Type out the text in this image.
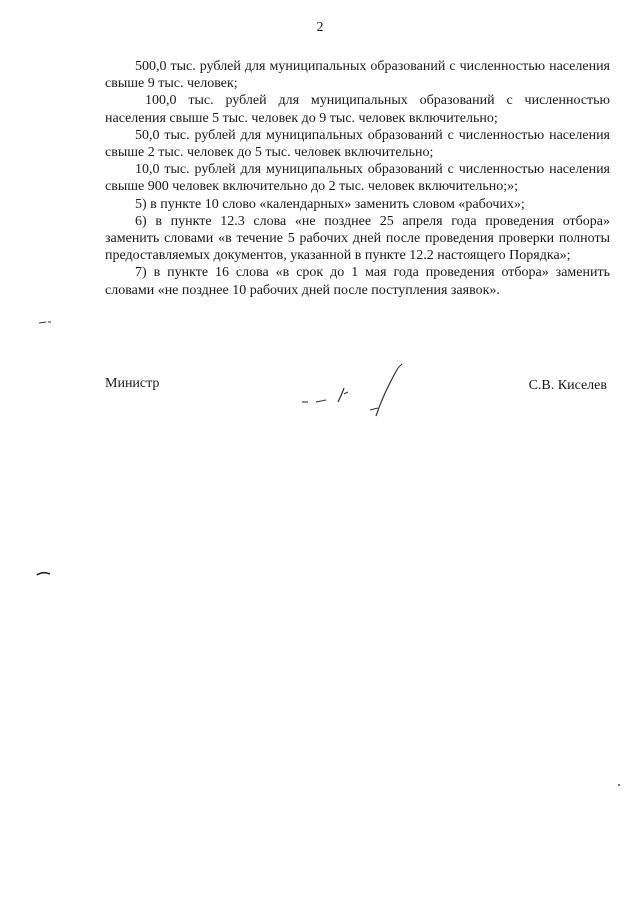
2

500,0 тыс. рублей для муниципальных образований с численностью населения свыше 9 тыс. человек;

100,0 тыс. рублей для муниципальных образований с численностью населения свыше 5 тыс. человек до 9 тыс. человек включительно;

50,0 тыс. рублей для муниципальных образований с численностью населения свыше 2 тыс. человек до 5 тыс. человек включительно;

10,0 тыс. рублей для муниципальных образований с численностью населения свыше 900 человек включительно до 2 тыс. человек включительно;»;

5) в пункте 10 слово «календарных» заменить словом «рабочих»;

6) в пункте 12.3 слова «не позднее 25 апреля года проведения отбора» заменить словами «в течение 5 рабочих дней после проведения проверки полноты предоставляемых документов, указанной в пункте 12.2 настоящего Порядка»;

7) в пункте 16 слова «в срок до 1 мая года проведения отбора» заменить словами «не позднее 10 рабочих дней после поступления заявок».

Министр	С.В. Киселев
